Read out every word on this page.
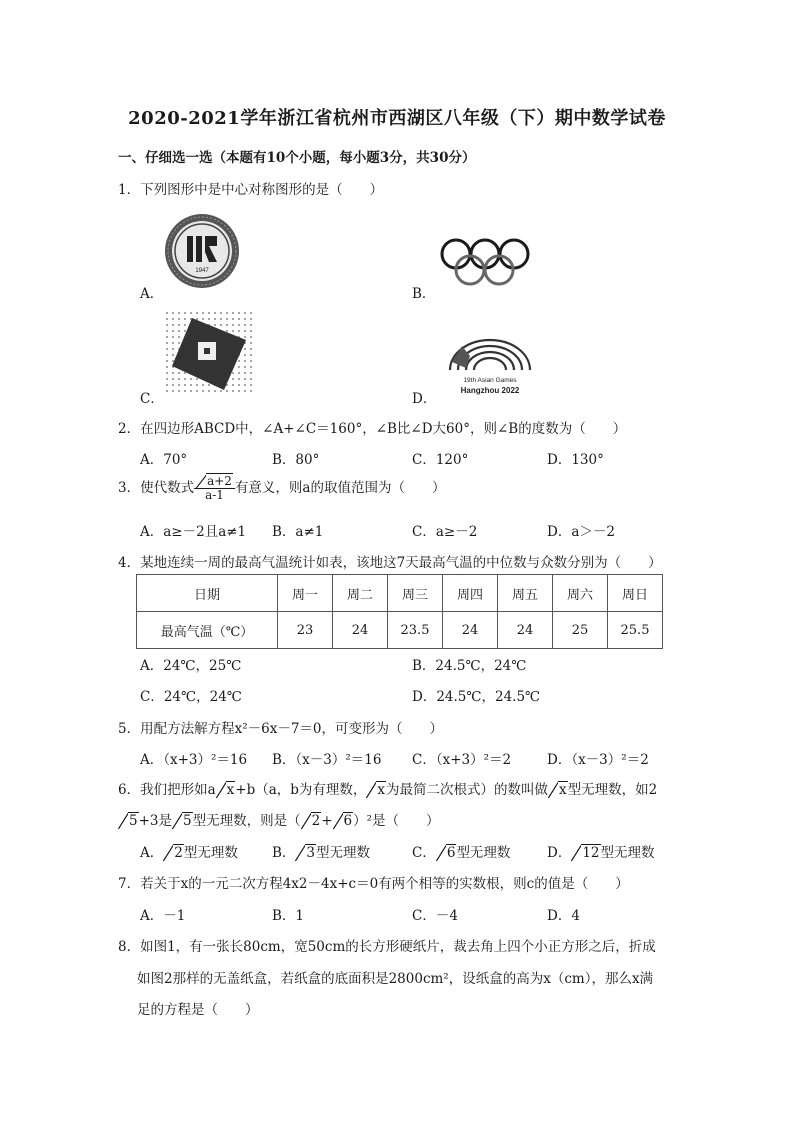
2020-2021学年浙江省杭州市西湖区八年级（下）期中数学试卷
一、仔细选一选（本题有10个小题，每小题3分，共30分）
1．下列图形中是中心对称图形的是（　　）
1947
A．	B．
C．
19th Asian Games
Hangzhou 2022
D．
2．在四边形ABCD中，∠A+∠C＝160°，∠B比∠D大60°，则∠B的度数为（　　）
A．70°	B．80°	C．120°	D．130°
3．使代数式 $\frac{a+2}{a-1}$ 有意义，则a的取值范围为（　　）
A．a≥－2且a≠1 B．a≠1	C．a≥－2	D．a＞－2
4．某地连续一周的最高气温统计如表，该地这7天最高气温的中位数与众数分别为（　　）
日期	周一	周二	周三	周四	周五	周六	周日
最高气温（℃）	23	24	23.5	24	24	25	25.5
A．24℃，25℃	B．24.5℃，24℃
C．24℃，24℃	D．24.5℃，24.5℃
5．用配方法解方程x²－6x－7＝0，可变形为（　　）
A．（x+3）²＝16 B．（x－3）²＝16 C．（x+3）²＝2	D．（x－3）²＝2
6．我们把形如a x+b（a，b为有理数， x为最简二次根式）的数叫做 x型无理数，如2
5+3是 5型无理数，则是（ 2+ 6）²是（　　）
A． 2型无理数	B． 3型无理数	C． 6型无理数	D． 12型无理数
7．若关于x的一元二次方程4x2－4x+c＝0有两个相等的实数根，则c的值是（　　）
A．－1	B．1	C．－4	D．4
8．如图1，有一张长80cm，宽50cm的长方形硬纸片，裁去角上四个小正方形之后，折成
如图2那样的无盖纸盒，若纸盒的底面积是2800cm²，设纸盒的高为x（cm），那么x满
足的方程是（　　）
